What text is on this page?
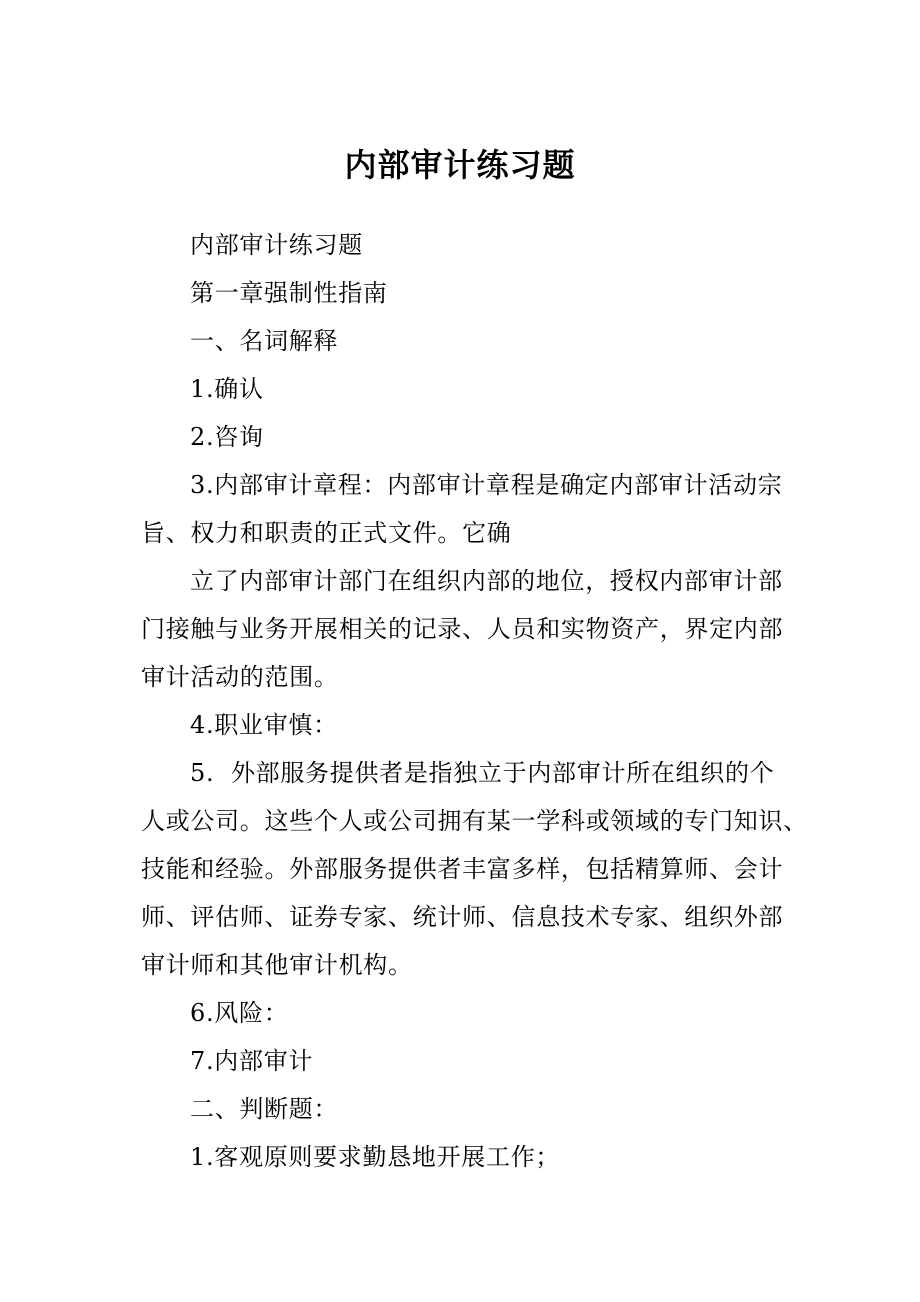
内部审计练习题
内部审计练习题
第一章强制性指南
一、名词解释
1.确认
2.咨询
3.内部审计章程：内部审计章程是确定内部审计活动宗
旨、权力和职责的正式文件。它确
立了内部审计部门在组织内部的地位，授权内部审计部
门接触与业务开展相关的记录、人员和实物资产，界定内部
审计活动的范围。
4.职业审慎：
5.  外部服务提供者是指独立于内部审计所在组织的个
人或公司。这些个人或公司拥有某一学科或领域的专门知识、
技能和经验。外部服务提供者丰富多样，包括精算师、会计
师、评估师、证券专家、统计师、信息技术专家、组织外部
审计师和其他审计机构。
6.风险：
7.内部审计
二、判断题：
1.客观原则要求勤恳地开展工作；
